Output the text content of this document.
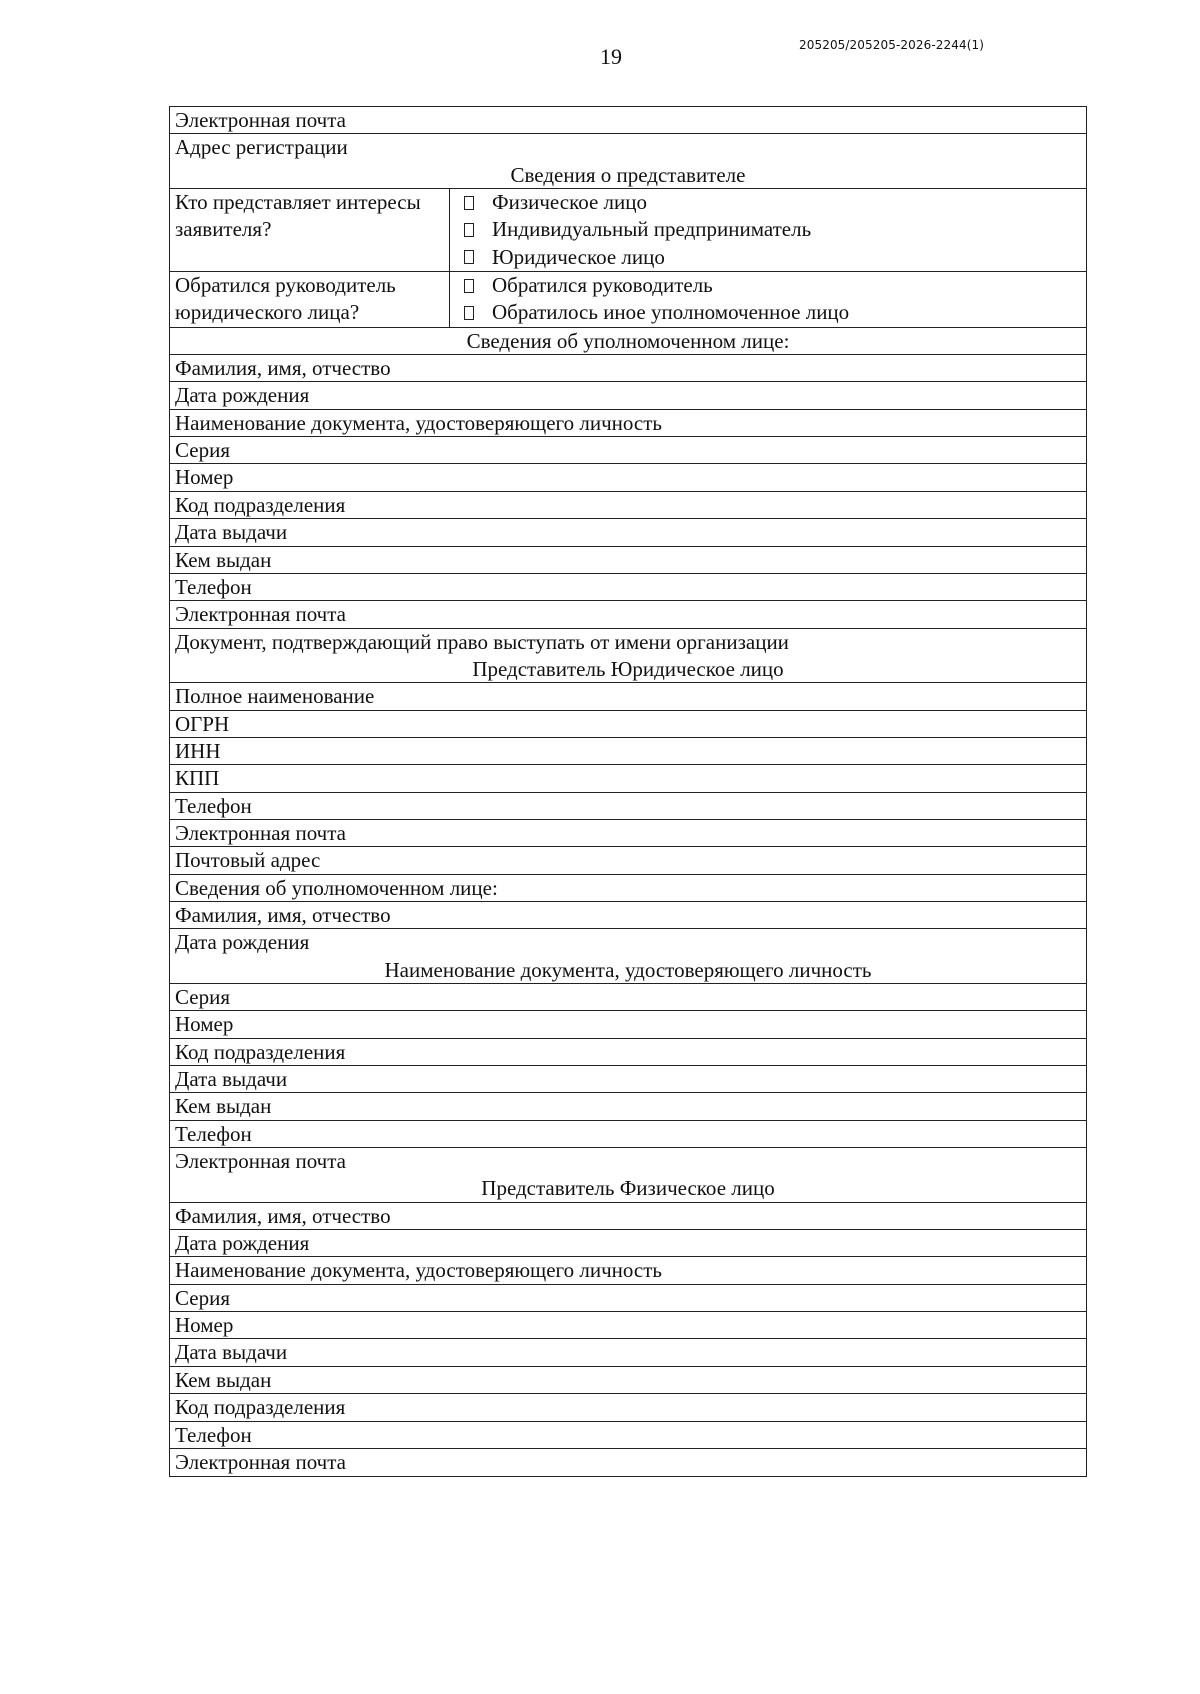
19	205205/205205-2026-2244(1)
Электронная почта
Адрес регистрации
Сведения о представителе
Кто представляет интересы заявителя?
Физическое лицо
Индивидуальный предприниматель
Юридическое лицо
Обратился руководитель юридического лица?
Обратился руководитель
Обратилось иное уполномоченное лицо
Сведения об уполномоченном лице:
Фамилия, имя, отчество
Дата рождения
Наименование документа, удостоверяющего личность
Серия
Номер
Код подразделения
Дата выдачи
Кем выдан
Телефон
Электронная почта
Документ, подтверждающий право выступать от имени организации
Представитель Юридическое лицо
Полное наименование
ОГРН
ИНН
КПП
Телефон
Электронная почта
Почтовый адрес
Сведения об уполномоченном лице:
Фамилия, имя, отчество
Дата рождения
Наименование документа, удостоверяющего личность
Серия
Номер
Код подразделения
Дата выдачи
Кем выдан
Телефон
Электронная почта
Представитель Физическое лицо
Фамилия, имя, отчество
Дата рождения
Наименование документа, удостоверяющего личность
Серия
Номер
Дата выдачи
Кем выдан
Код подразделения
Телефон
Электронная почта
